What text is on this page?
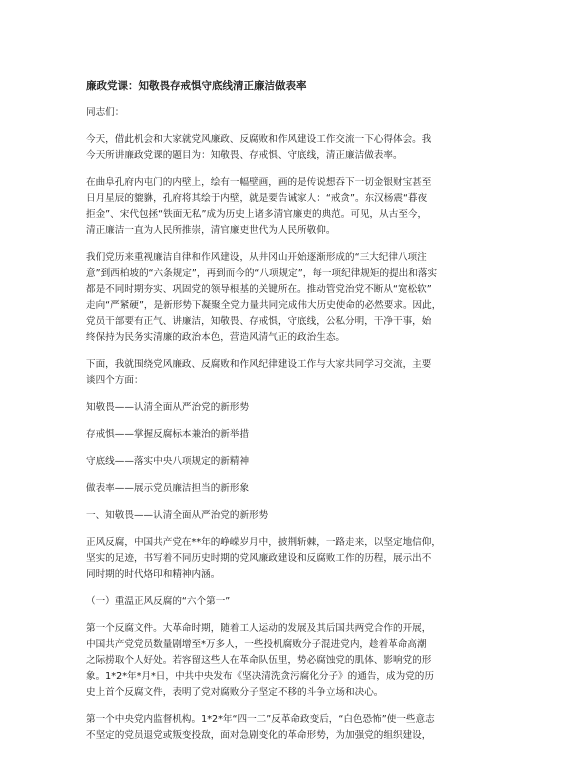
廉政党课：知敬畏存戒惧守底线清正廉洁做表率
同志们：
今天，借此机会和大家就党风廉政、反腐败和作风建设工作交流一下心得体会。我
今天所讲廉政党课的题目为：知敬畏、存戒惧、守底线，清正廉洁做表率。
在曲阜孔府内屯门的内壁上，绘有一幅壁画，画的是传说想吞下一切金银财宝甚至
日月星辰的貔貅，孔府将其绘于内壁，就是要告诫家人：“戒贪”。东汉杨震“暮夜
拒金”、宋代包拯“铁面无私”成为历史上诸多清官廉吏的典范。可见，从古至今，
清正廉洁一直为人民所推崇，清官廉吏世代为人民所敬仰。
我们党历来重视廉洁自律和作风建设，从井冈山开始逐渐形成的“三大纪律八项注
意”到西柏坡的“六条规定”，再到而今的“八项规定”，每一项纪律规矩的提出和落实
都是不同时期夯实、巩固党的领导根基的关键所在。推动管党治党不断从“宽松软”
走向“严紧硬”，是新形势下凝聚全党力量共同完成伟大历史使命的必然要求。因此，
党员干部要有正气、讲廉洁，知敬畏、存戒惧，守底线，公私分明，干净干事，始
终保持为民务实清廉的政治本色，营造风清气正的政治生态。
下面，我就围绕党风廉政、反腐败和作风纪律建设工作与大家共同学习交流，主要
谈四个方面：
知敬畏——认清全面从严治党的新形势
存戒惧——掌握反腐标本兼治的新举措
守底线——落实中央八项规定的新精神
做表率——展示党员廉洁担当的新形象
一、知敬畏——认清全面从严治党的新形势
正风反腐，中国共产党在**年的峥嵘岁月中，披荆斩棘，一路走来，以坚定地信仰，
坚实的足迹，书写着不同历史时期的党风廉政建设和反腐败工作的历程，展示出不
同时期的时代烙印和精神内涵。
（一）重温正风反腐的“六个第一”
第一个反腐文件。大革命时期，随着工人运动的发展及其后国共两党合作的开展，
中国共产党党员数量剧增至*万多人，一些投机腐败分子混进党内，趁着革命高潮
之际捞取个人好处。若容留这些人在革命队伍里，势必腐蚀党的肌体、影响党的形
象。1*2*年*月*日，中共中央发布《坚决清洗贪污腐化分子》的通告，成为党的历
史上首个反腐文件，表明了党对腐败分子坚定不移的斗争立场和决心。
第一个中央党内监督机构。1*2*年“四一二”反革命政变后，“白色恐怖”使一些意志
不坚定的党员退党或叛变投敌，面对急剧变化的革命形势，为加强党的组织建设，
